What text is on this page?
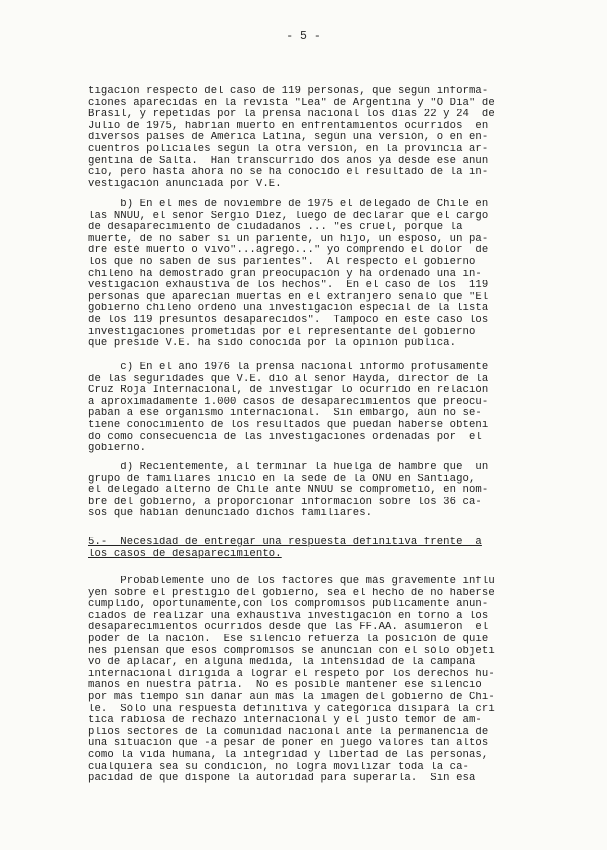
- 5 -
tigación respecto del caso de 119 personas, que según informa-
ciones aparecidas en la revista "Lea" de Argentina y "O Día" de
Brasil, y repetidas por la prensa nacional los días 22 y 24  de
Julio de 1975, habrían muerto en enfrentamientos ocurridos  en
diversos países de América Latina, según una versión, o en en-
cuentros policiales según la otra versión, en la provincia ar-
gentina de Salta.  Han transcurrido dos años ya desde ese anun
cio, pero hasta ahora no se ha conocido el resultado de la in-
vestigación anunciada por V.E.
b) En el mes de noviembre de 1975 el delegado de Chile en
las NNUU, el señor Sergio Díez, luego de declarar que el cargo
de desaparecimiento de ciudadanos ... "es cruel, porque la
muerte, de no saber si un pariente, un hijo, un esposo, un pa-
dre esté muerto o vivo"...agregó..." yo comprendo el dolor  de
los que no saben de sus parientes".  Al respecto el gobierno
chileno ha demostrado gran preocupación y ha ordenado una in-
vestigación exhaustiva de los hechos".  En el caso de los  119
personas que aparecían muertas en el extranjero señaló que "El
gobierno chileno ordenó una investigación especial de la lista
de los 119 presuntos desaparecidos".  Tampoco en este caso los
investigaciones prometidas por el representante del gobierno
que preside V.E. ha sido conocida por la opinión pública.
c) En el año 1976 la prensa nacional informó profusamente
de las seguridades que V.E. dió al señor Hayda, director de la
Cruz Roja Internacional, de investigar lo ocurrido en relación
a aproximadamente 1.000 casos de desaparecimientos que preocu-
paban a ese organismo internacional.  Sin embargo, aún no se-
tiene conocimiento de los resultados que puedan haberse obteni
do como consecuencia de las investigaciones ordenadas por  el
gobierno.
d) Recientemente, al terminar la huelga de hambre que  un
grupo de familiares inició en la sede de la ONU en Santiago,
el delegado alterno de Chile ante NNUU se comprometió, en nom-
bre del gobierno, a proporcionar información sobre los 36 ca-
sos que habían denunciado dichos familiares.
5.-  Necesidad de entregar una respuesta definitiva frente  a
los casos de desaparecimiento.
Probablemente uno de los factores que más gravemente influ
yen sobre el prestigio del gobierno, sea el hecho de no haberse
cumplido, oportunamente,con los compromisos públicamente anun-
ciados de realizar una exhaustiva investigación en torno a los
desaparecimientos ocurridos desde que las FF.AA. asumieron  el
poder de la nación.  Ese silencio refuerza la posición de quie
nes piensan que esos compromisos se anuncian con el sólo objeti
vo de aplacar, en alguna medida, la intensidad de la campaña
internacional dirigida a lograr el respeto por los derechos hu-
manos en nuestra patria.  No es posible mantener ese silencio
por más tiempo sin dañar aún más la imagen del gobierno de Chi-
le.  Sólo una respuesta definitiva y categórica disipará la crí
tica rabiosa de rechazo internacional y el justo temor de am-
plios sectores de la comunidad nacional ante la permanencia de
una situación que -a pesar de poner en juego valores tan altos
como la vida humana, la integridad y libertad de las personas,
cualquiera sea su condición, no logra movilizar toda la ca-
pacidad de que dispone la autoridad para superarla.  Sin esa
